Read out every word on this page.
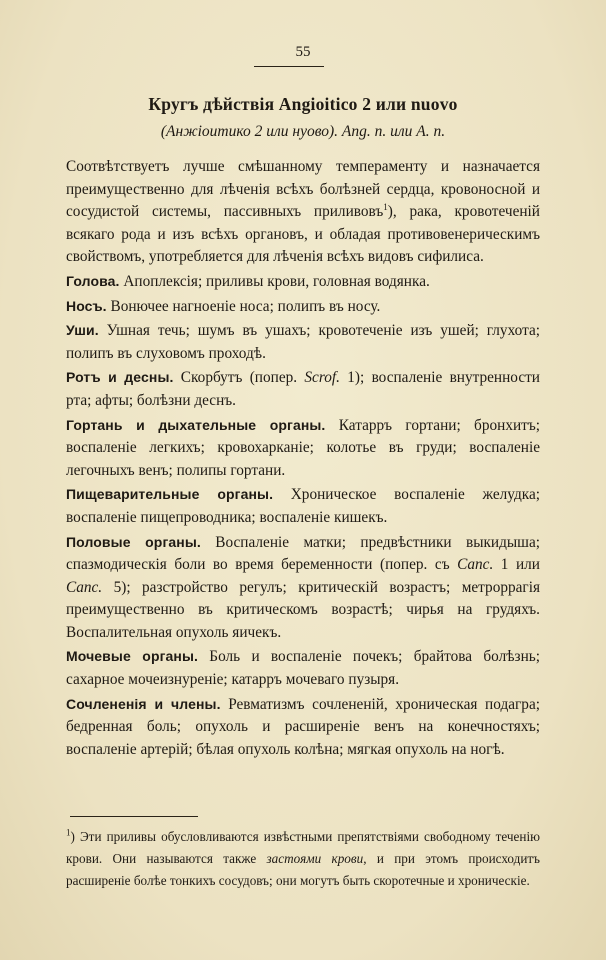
55
Кругъ дѣйствія Angioitico 2 или nuovo
(Анжіоитико 2 или нуово). Ang. n. или A. n.

Соотвѣтствуетъ лучше смѣшанному темпераменту и назначается преимущественно для лѣченія всѣхъ болѣзней сердца, кровоносной и сосудистой системы, пассивныхъ приливовъ$^1$), рака, кровотеченій всякаго рода и изъ всѣхъ органовъ, и обладая противовенерическимъ свойствомъ, употребляется для лѣченія всѣхъ видовъ сифилиса.

Голова. Апоплексія; приливы крови, головная водянка.

Носъ. Вонючее нагноеніе носа; полипъ въ носу.

Уши. Ушная течь; шумъ въ ушахъ; кровотеченіе изъ ушей; глухота; полипъ въ слуховомъ проходѣ.

Ротъ и десны. Скорбутъ (попер. Scrof. 1); воспаленіе внутренности рта; афты; болѣзни деснъ.

Гортань и дыхательные органы. Катарръ гортани; бронхитъ; воспаленіе легкихъ; кровохарканіе; колотье въ груди; воспаленіе легочныхъ венъ; полипы гортани.

Пищеварительные органы. Хроническое воспаленіе желудка; воспаленіе пищепроводника; воспаленіе кишекъ.

Половые органы. Воспаленіе матки; предвѣстники выкидыша; спазмодическія боли во время беременности (попер. съ Canc. 1 или Canc. 5); разстройство регулъ; критическій возрастъ; метроррагія преимущественно въ критическомъ возрастѣ; чирья на грудяхъ. Воспалительная опухоль яичекъ.

Мочевые органы. Боль и воспаленіе почекъ; брайтова болѣзнь; сахарное мочеизнуреніе; катарръ мочеваго пузыря.

Сочлененія и члены. Ревматизмъ сочлененій, хроническая подагра; бедренная боль; опухоль и расширеніе венъ на конечностяхъ; воспаленіе артерій; бѣлая опухоль колѣна; мягкая опухоль на ногѣ.

$^1$) Эти приливы обусловливаются извѣстными препятствіями свободному теченію крови. Они называются также застоями крови, и при этомъ происходитъ расширеніе болѣе тонкихъ сосудовъ; они могутъ быть скоротечные и хроническіе.
